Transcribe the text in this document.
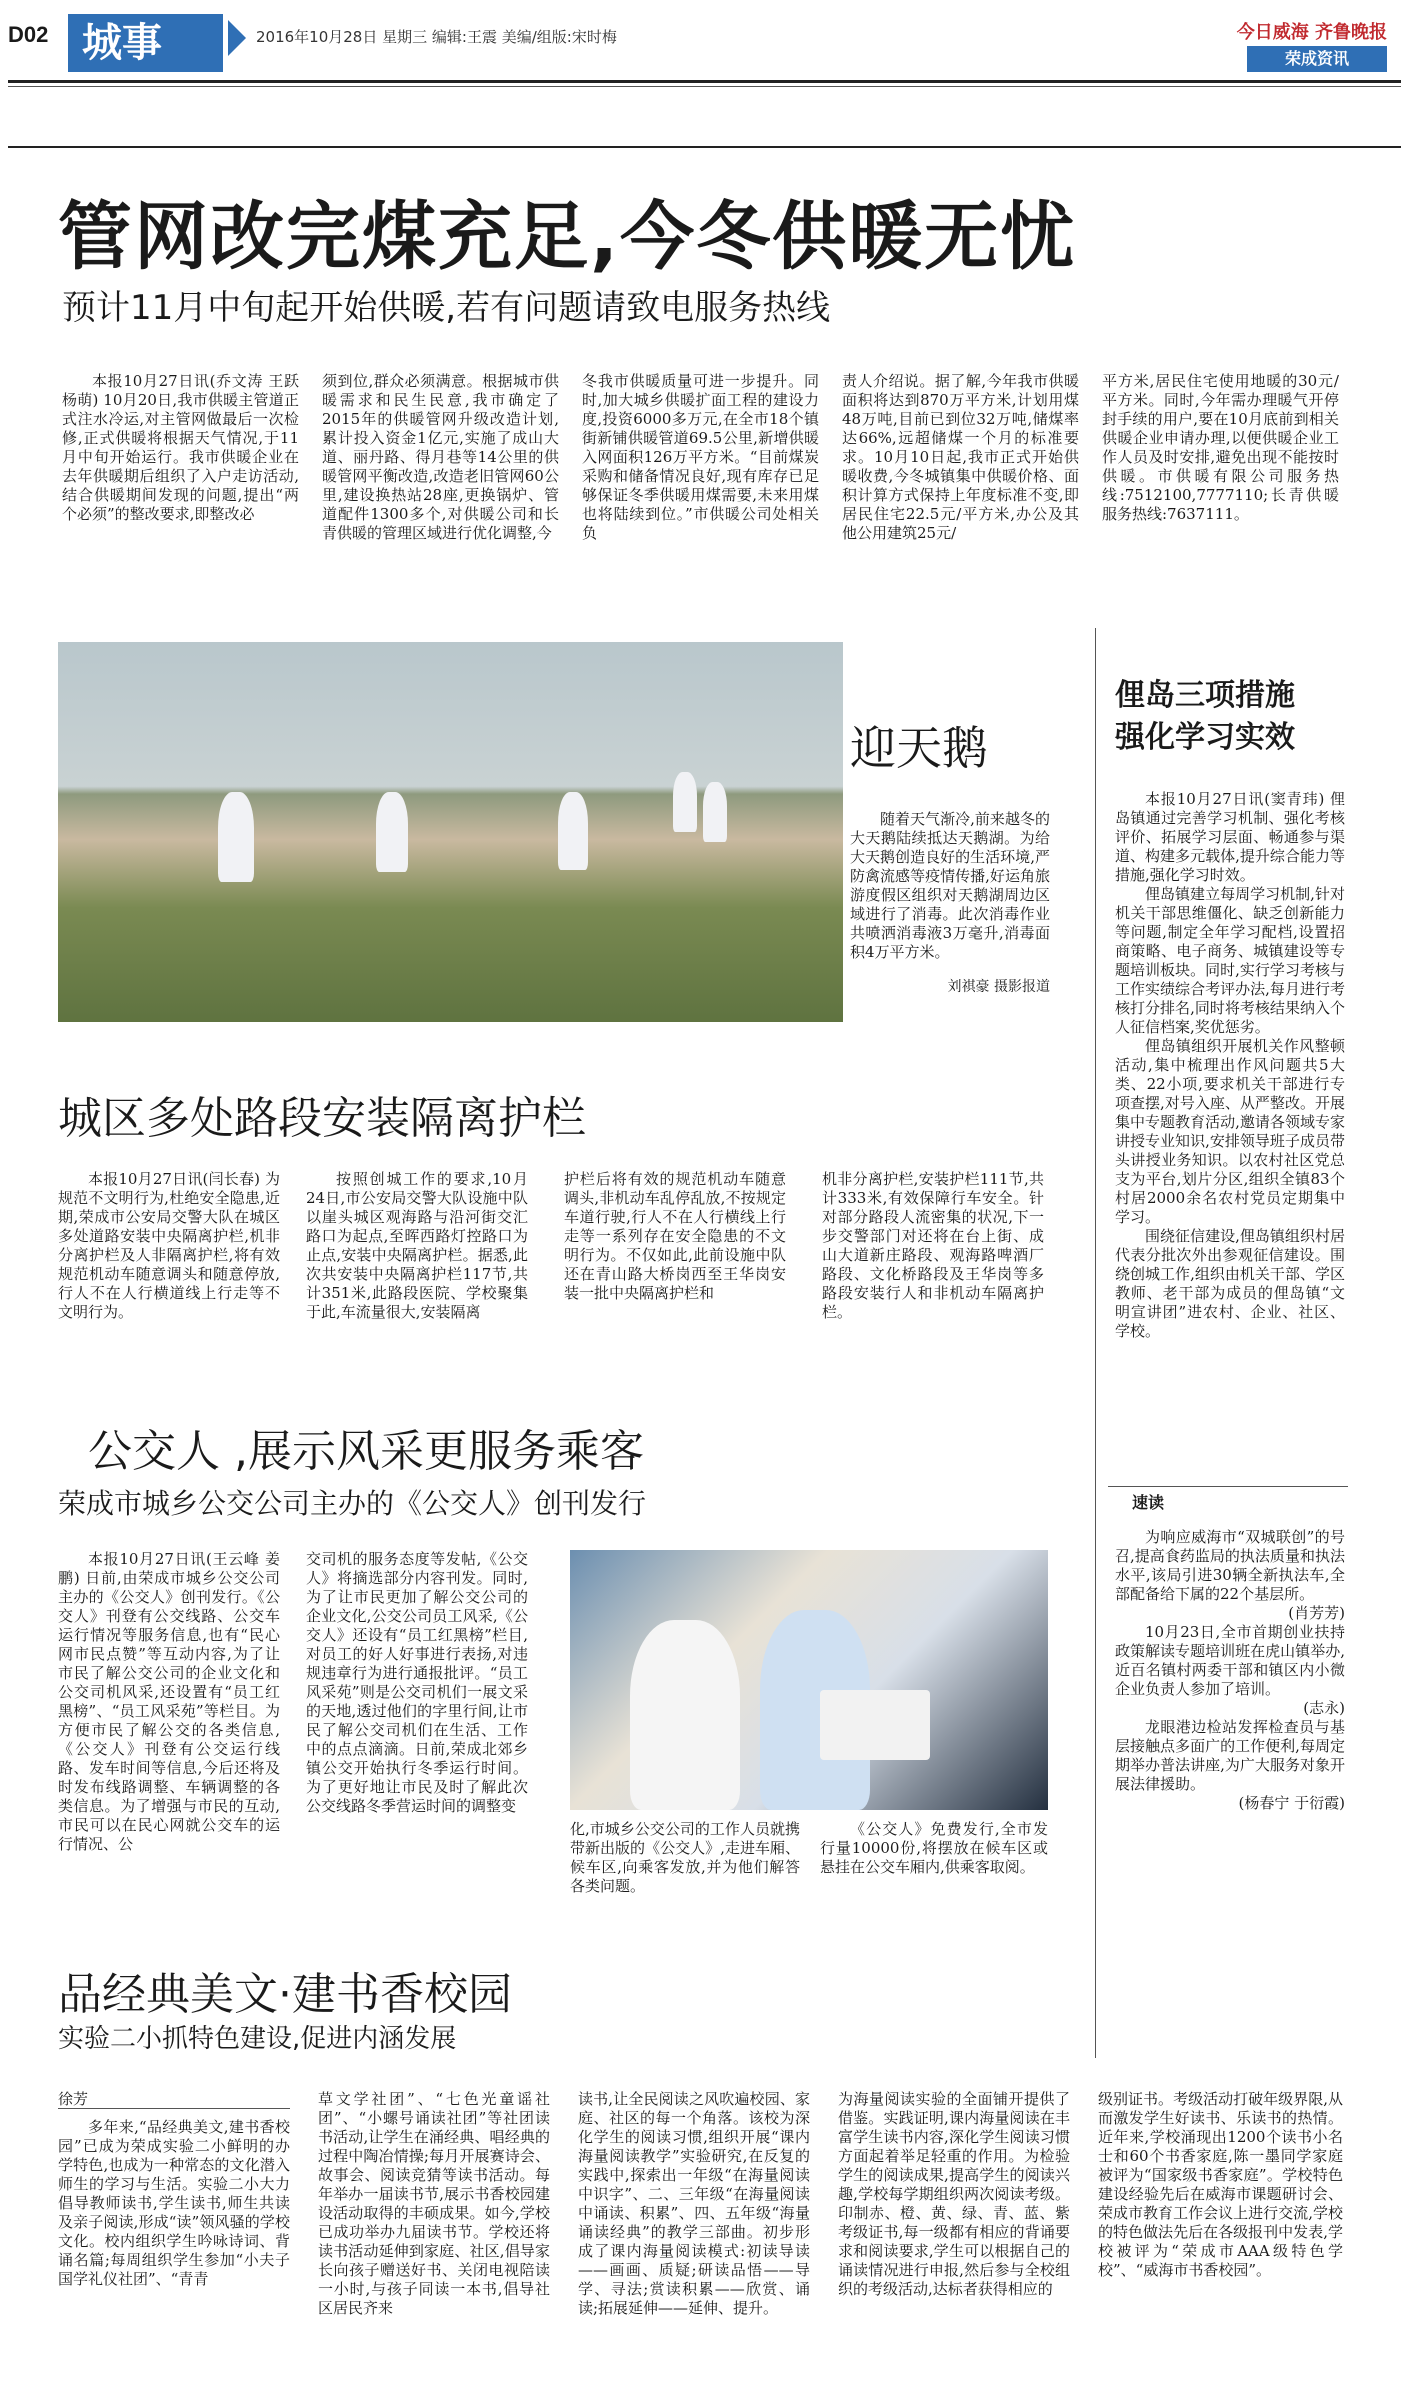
D02 城事	2016年10月28日 星期三 编辑:王震 美编/组版:宋时梅	今日威海 齐鲁晚报
荣成资讯
管网改完煤充足,今冬供暖无忧
预计11月中旬起开始供暖,若有问题请致电服务热线
本报10月27日讯(乔文涛 王跃 杨萌) 10月20日,我市供暖主管道正式注水冷运,对主管网做最后一次检修,正式供暖将根据天气情况,于11月中旬开始运行。我市供暖企业在去年供暖期后组织了入户走访活动,结合供暖期间发现的问题,提出“两个必须”的整改要求,即整改必
须到位,群众必须满意。根据城市供暖需求和民生民意,我市确定了2015年的供暖管网升级改造计划,累计投入资金1亿元,实施了成山大道、丽丹路、得月巷等14公里的供暖管网平衡改造,改造老旧管网60公里,建设换热站28座,更换锅炉、管道配件1300多个,对供暖公司和长青供暖的管理区域进行优化调整,今
冬我市供暖质量可进一步提升。同时,加大城乡供暖扩面工程的建设力度,投资6000多万元,在全市18个镇街新铺供暖管道69.5公里,新增供暖入网面积126万平方米。“目前煤炭采购和储备情况良好,现有库存已足够保证冬季供暖用煤需要,未来用煤也将陆续到位。”市供暖公司处相关负
责人介绍说。据了解,今年我市供暖面积将达到870万平方米,计划用煤48万吨,目前已到位32万吨,储煤率达66%,远超储煤一个月的标准要求。10月10日起,我市正式开始供暖收费,今冬城镇集中供暖价格、面积计算方式保持上年度标准不变,即居民住宅22.5元/平方米,办公及其他公用建筑25元/
平方米,居民住宅使用地暖的30元/平方米。同时,今年需办理暖气开停封手续的用户,要在10月底前到相关供暖企业申请办理,以便供暖企业工作人员及时安排,避免出现不能按时供暖。市供暖有限公司服务热线:7512100,7777110;长青供暖服务热线:7637111。
迎天鹅
随着天气渐冷,前来越冬的大天鹅陆续抵达天鹅湖。为给大天鹅创造良好的生活环境,严防禽流感等疫情传播,好运角旅游度假区组织对天鹅湖周边区域进行了消毒。此次消毒作业共喷洒消毒液3万毫升,消毒面积4万平方米。
刘祺豪 摄影报道
俚岛三项措施
强化学习实效

本报10月27日讯(窦青玮) 俚岛镇通过完善学习机制、强化考核评价、拓展学习层面、畅通参与渠道、构建多元载体,提升综合能力等措施,强化学习时效。

俚岛镇建立每周学习机制,针对机关干部思维僵化、缺乏创新能力等问题,制定全年学习配档,设置招商策略、电子商务、城镇建设等专题培训板块。同时,实行学习考核与工作实绩综合考评办法,每月进行考核打分排名,同时将考核结果纳入个人征信档案,奖优惩劣。

俚岛镇组织开展机关作风整顿活动,集中梳理出作风问题共5大类、22小项,要求机关干部进行专项查摆,对号入座、从严整改。开展集中专题教育活动,邀请各领域专家讲授专业知识,安排领导班子成员带头讲授业务知识。以农村社区党总支为平台,划片分区,组织全镇83个村居2000余名农村党员定期集中学习。

围绕征信建设,俚岛镇组织村居代表分批次外出参观征信建设。围绕创城工作,组织由机关干部、学区教师、老干部为成员的俚岛镇“文明宣讲团”进农村、企业、社区、学校。

速读

为响应威海市“双城联创”的号召,提高食药监局的执法质量和执法水平,该局引进30辆全新执法车,全部配备给下属的22个基层所。

(肖芳芳)

10月23日,全市首期创业扶持政策解读专题培训班在虎山镇举办,近百名镇村两委干部和镇区内小微企业负责人参加了培训。

(志永)

龙眼港边检站发挥检查员与基层接触点多面广的工作便利,每周定期举办普法讲座,为广大服务对象开展法律援助。

(杨春宁 于衍霞)

城区多处路段安装隔离护栏
本报10月27日讯(闫长春) 为规范不文明行为,杜绝安全隐患,近期,荣成市公安局交警大队在城区多处道路安装中央隔离护栏,机非分离护栏及人非隔离护栏,将有效规范机动车随意调头和随意停放,行人不在人行横道线上行走等不文明行为。
按照创城工作的要求,10月24日,市公安局交警大队设施中队以崖头城区观海路与沿河街交汇路口为起点,至晖西路灯控路口为止点,安装中央隔离护栏。据悉,此次共安装中央隔离护栏117节,共计351米,此路段医院、学校聚集于此,车流量很大,安装隔离
护栏后将有效的规范机动车随意调头,非机动车乱停乱放,不按规定车道行驶,行人不在人行横线上行走等一系列存在安全隐患的不文明行为。不仅如此,此前设施中队还在青山路大桥岗西至王华岗安装一批中央隔离护栏和
机非分离护栏,安装护栏111节,共计333米,有效保障行车安全。针对部分路段人流密集的状况,下一步交警部门对还将在台上街、成山大道新庄路段、观海路啤酒厂路段、文化桥路段及王华岗等多路段安装行人和非机动车隔离护栏。
公交人 ,展示风采更服务乘客
荣成市城乡公交公司主办的《公交人》创刊发行
本报10月27日讯(王云峰 姜鹏) 日前,由荣成市城乡公交公司主办的《公交人》创刊发行。《公交人》刊登有公交线路、公交车运行情况等服务信息,也有“民心网市民点赞”等互动内容,为了让市民了解公交公司的企业文化和公交司机风采,还设置有“员工红黑榜”、“员工风采苑”等栏目。为方便市民了解公交的各类信息,《公交人》刊登有公交运行线路、发车时间等信息,今后还将及时发布线路调整、车辆调整的各类信息。为了增强与市民的互动,市民可以在民心网就公交车的运行情况、公
交司机的服务态度等发帖,《公交人》将摘选部分内容刊发。同时,为了让市民更加了解公交公司的企业文化,公交公司员工风采,《公交人》还设有“员工红黑榜”栏目,对员工的好人好事进行表扬,对违规违章行为进行通报批评。“员工风采苑”则是公交司机们一展文采的天地,透过他们的字里行间,让市民了解公交司机们在生活、工作中的点点滴滴。日前,荣成北郊乡镇公交开始执行冬季运行时间。为了更好地让市民及时了解此次公交线路冬季营运时间的调整变
化,市城乡公交公司的工作人员就携带新出版的《公交人》,走进车厢、候车区,向乘客发放,并为他们解答各类问题。
《公交人》免费发行,全市发行量10000份,将摆放在候车区或悬挂在公交车厢内,供乘客取阅。
品经典美文·建书香校园
实验二小抓特色建设,促进内涵发展
徐芳
多年来,“品经典美文,建书香校园”已成为荣成实验二小鲜明的办学特色,也成为一种常态的文化潜入师生的学习与生活。实验二小大力倡导教师读书,学生读书,师生共读及亲子阅读,形成“读”领风骚的学校文化。校内组织学生吟咏诗词、背诵名篇;每周组织学生参加“小夫子国学礼仪社团”、“青青
草文学社团”、“七色光童谣社团”、“小螺号诵读社团”等社团读书活动,让学生在涌经典、唱经典的过程中陶冶情操;每月开展赛诗会、故事会、阅读竞猜等读书活动。每年举办一届读书节,展示书香校园建设活动取得的丰硕成果。如今,学校已成功举办九届读书节。学校还将读书活动延伸到家庭、社区,倡导家长向孩子赠送好书、关闭电视陪读一小时,与孩子同读一本书,倡导社区居民齐来
读书,让全民阅读之风吹遍校园、家庭、社区的每一个角落。该校为深化学生的阅读习惯,组织开展“课内海量阅读教学”实验研究,在反复的实践中,探索出一年级“在海量阅读中识字”、二、三年级“在海量阅读中诵读、积累”、四、五年级“海量诵读经典”的教学三部曲。初步形成了课内海量阅读模式:初读导读——画画、质疑;研读品悟——导学、寻法;赏读积累——欣赏、诵读;拓展延伸——延伸、提升。
为海量阅读实验的全面铺开提供了借鉴。实践证明,课内海量阅读在丰富学生读书内容,深化学生阅读习惯方面起着举足轻重的作用。为检验学生的阅读成果,提高学生的阅读兴趣,学校每学期组织两次阅读考级。印制赤、橙、黄、绿、青、蓝、紫考级证书,每一级都有相应的背诵要求和阅读要求,学生可以根据自己的诵读情况进行申报,然后参与全校组织的考级活动,达标者获得相应的
级别证书。考级活动打破年级界限,从而激发学生好读书、乐读书的热情。近年来,学校涌现出1200个读书小名士和60个书香家庭,陈一墨同学家庭被评为“国家级书香家庭”。学校特色建设经验先后在威海市课题研讨会、荣成市教育工作会议上进行交流,学校的特色做法先后在各级报刊中发表,学校被评为“荣成市AAA级特色学校”、“威海市书香校园”。
